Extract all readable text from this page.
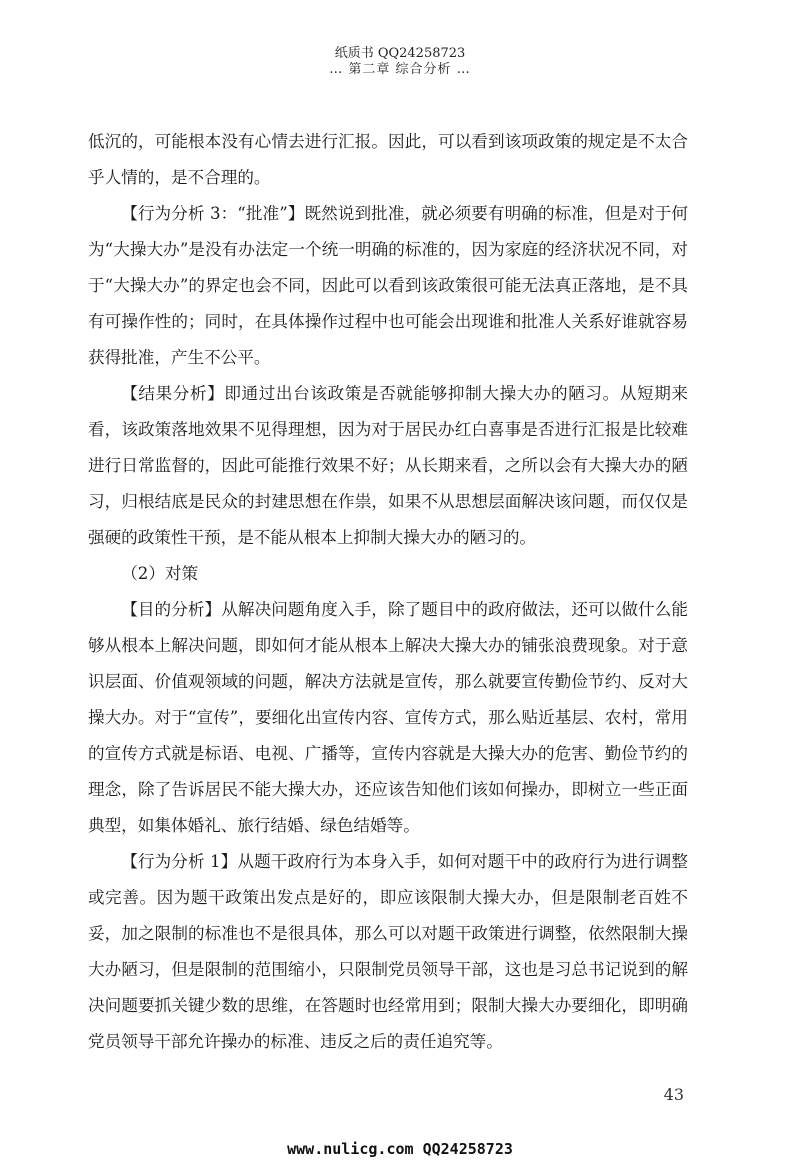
纸质书 QQ24258723
… 第二章 综合分析 …

低沉的，可能根本没有心情去进行汇报。因此，可以看到该项政策的规定是不太合乎人情的，是不合理的。

【行为分析 3：“批准”】既然说到批准，就必须要有明确的标准，但是对于何为“大操大办”是没有办法定一个统一明确的标准的，因为家庭的经济状况不同，对于“大操大办”的界定也会不同，因此可以看到该政策很可能无法真正落地，是不具有可操作性的；同时，在具体操作过程中也可能会出现谁和批准人关系好谁就容易获得批准，产生不公平。

【结果分析】即通过出台该政策是否就能够抑制大操大办的陋习。从短期来看，该政策落地效果不见得理想，因为对于居民办红白喜事是否进行汇报是比较难进行日常监督的，因此可能推行效果不好；从长期来看，之所以会有大操大办的陋习，归根结底是民众的封建思想在作祟，如果不从思想层面解决该问题，而仅仅是强硬的政策性干预，是不能从根本上抑制大操大办的陋习的。

（2）对策

【目的分析】从解决问题角度入手，除了题目中的政府做法，还可以做什么能够从根本上解决问题，即如何才能从根本上解决大操大办的铺张浪费现象。对于意识层面、价值观领域的问题，解决方法就是宣传，那么就要宣传勤俭节约、反对大操大办。对于“宣传”，要细化出宣传内容、宣传方式，那么贴近基层、农村，常用的宣传方式就是标语、电视、广播等，宣传内容就是大操大办的危害、勤俭节约的理念，除了告诉居民不能大操大办，还应该告知他们该如何操办，即树立一些正面典型，如集体婚礼、旅行结婚、绿色结婚等。

【行为分析 1】从题干政府行为本身入手，如何对题干中的政府行为进行调整或完善。因为题干政策出发点是好的，即应该限制大操大办，但是限制老百姓不妥，加之限制的标准也不是很具体，那么可以对题干政策进行调整，依然限制大操大办陋习，但是限制的范围缩小，只限制党员领导干部，这也是习总书记说到的解决问题要抓关键少数的思维，在答题时也经常用到；限制大操大办要细化，即明确党员领导干部允许操办的标准、违反之后的责任追究等。

43
www.nulicg.com QQ24258723
